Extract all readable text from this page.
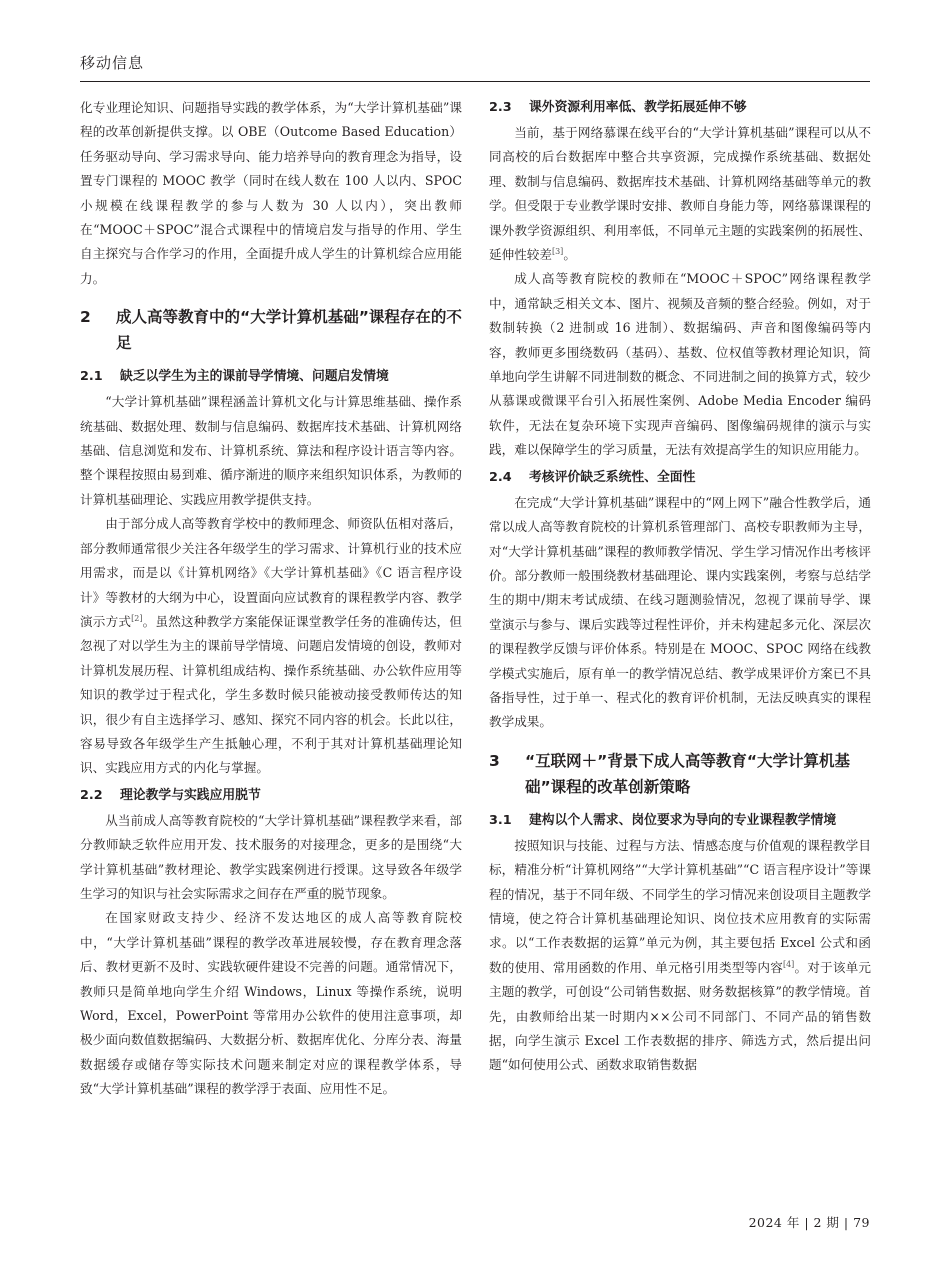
移动信息

化专业理论知识、问题指导实践的教学体系，为“大学计算机基础”课程的改革创新提供支撑。以 OBE（Outcome Based Education）任务驱动导向、学习需求导向、能力培养导向的教育理念为指导，设置专门课程的 MOOC 教学（同时在线人数在 100 人以内、SPOC 小规模在线课程教学的参与人数为 30 人以内），突出教师在“MOOC＋SPOC”混合式课程中的情境启发与指导的作用、学生自主探究与合作学习的作用，全面提升成人学生的计算机综合应用能力。

2	成人高等教育中的“大学计算机基础”课程存在的不足
2.1	缺乏以学生为主的课前导学情境、问题启发情境

“大学计算机基础”课程涵盖计算机文化与计算思维基础、操作系统基础、数据处理、数制与信息编码、数据库技术基础、计算机网络基础、信息浏览和发布、计算机系统、算法和程序设计语言等内容。整个课程按照由易到难、循序渐进的顺序来组织知识体系，为教师的计算机基础理论、实践应用教学提供支持。

由于部分成人高等教育学校中的教师理念、师资队伍相对落后，部分教师通常很少关注各年级学生的学习需求、计算机行业的技术应用需求，而是以《计算机网络》《大学计算机基础》《C 语言程序设计》等教材的大纲为中心，设置面向应试教育的课程教学内容、教学演示方式[2]。虽然这种教学方案能保证课堂教学任务的准确传达，但忽视了对以学生为主的课前导学情境、问题启发情境的创设，教师对计算机发展历程、计算机组成结构、操作系统基础、办公软件应用等知识的教学过于程式化，学生多数时候只能被动接受教师传达的知识，很少有自主选择学习、感知、探究不同内容的机会。长此以往，容易导致各年级学生产生抵触心理，不利于其对计算机基础理论知识、实践应用方式的内化与掌握。

2.2	理论教学与实践应用脱节

从当前成人高等教育院校的“大学计算机基础”课程教学来看，部分教师缺乏软件应用开发、技术服务的对接理念，更多的是围绕“大学计算机基础”教材理论、教学实践案例进行授课。这导致各年级学生学习的知识与社会实际需求之间存在严重的脱节现象。

在国家财政支持少、经济不发达地区的成人高等教育院校中，“大学计算机基础”课程的教学改革进展较慢，存在教育理念落后、教材更新不及时、实践软硬件建设不完善的问题。通常情况下，教师只是简单地向学生介绍 Windows，Linux 等操作系统，说明 Word，Excel，PowerPoint 等常用办公软件的使用注意事项，却极少面向数值数据编码、大数据分析、数据库优化、分库分表、海量数据缓存或储存等实际技术问题来制定对应的课程教学体系，导致“大学计算机基础”课程的教学浮于表面、应用性不足。

2.3	课外资源利用率低、教学拓展延伸不够

当前，基于网络慕课在线平台的“大学计算机基础”课程可以从不同高校的后台数据库中整合共享资源，完成操作系统基础、数据处理、数制与信息编码、数据库技术基础、计算机网络基础等单元的教学。但受限于专业教学课时安排、教师自身能力等，网络慕课课程的课外教学资源组织、利用率低，不同单元主题的实践案例的拓展性、延伸性较差[3]。

成人高等教育院校的教师在“MOOC＋SPOC”网络课程教学中，通常缺乏相关文本、图片、视频及音频的整合经验。例如，对于数制转换（2 进制或 16 进制）、数据编码、声音和图像编码等内容，教师更多围绕数码（基码）、基数、位权值等教材理论知识，简单地向学生讲解不同进制数的概念、不同进制之间的换算方式，较少从慕课或微课平台引入拓展性案例、Adobe Media Encoder 编码软件，无法在复杂环境下实现声音编码、图像编码规律的演示与实践，难以保障学生的学习质量，无法有效提高学生的知识应用能力。

2.4	考核评价缺乏系统性、全面性

在完成“大学计算机基础”课程中的“网上网下”融合性教学后，通常以成人高等教育院校的计算机系管理部门、高校专职教师为主导，对“大学计算机基础”课程的教师教学情况、学生学习情况作出考核评价。部分教师一般围绕教材基础理论、课内实践案例，考察与总结学生的期中/期末考试成绩、在线习题测验情况，忽视了课前导学、课堂演示与参与、课后实践等过程性评价，并未构建起多元化、深层次的课程教学反馈与评价体系。特别是在 MOOC、SPOC 网络在线教学模式实施后，原有单一的教学情况总结、教学成果评价方案已不具备指导性，过于单一、程式化的教育评价机制，无法反映真实的课程教学成果。

3	“互联网＋”背景下成人高等教育“大学计算机基础”课程的改革创新策略
3.1	建构以个人需求、岗位要求为导向的专业课程教学情境

按照知识与技能、过程与方法、情感态度与价值观的课程教学目标，精准分析“计算机网络”“大学计算机基础”“C 语言程序设计”等课程的情况，基于不同年级、不同学生的学习情况来创设项目主题教学情境，使之符合计算机基础理论知识、岗位技术应用教育的实际需求。以“工作表数据的运算”单元为例，其主要包括 Excel 公式和函数的使用、常用函数的作用、单元格引用类型等内容[4]。对于该单元主题的教学，可创设“公司销售数据、财务数据核算”的教学情境。首先，由教师给出某一时期内××公司不同部门、不同产品的销售数据，向学生演示 Excel 工作表数据的排序、筛选方式，然后提出问题“如何使用公式、函数求取销售数据

2024 年 | 2 期 | 79
